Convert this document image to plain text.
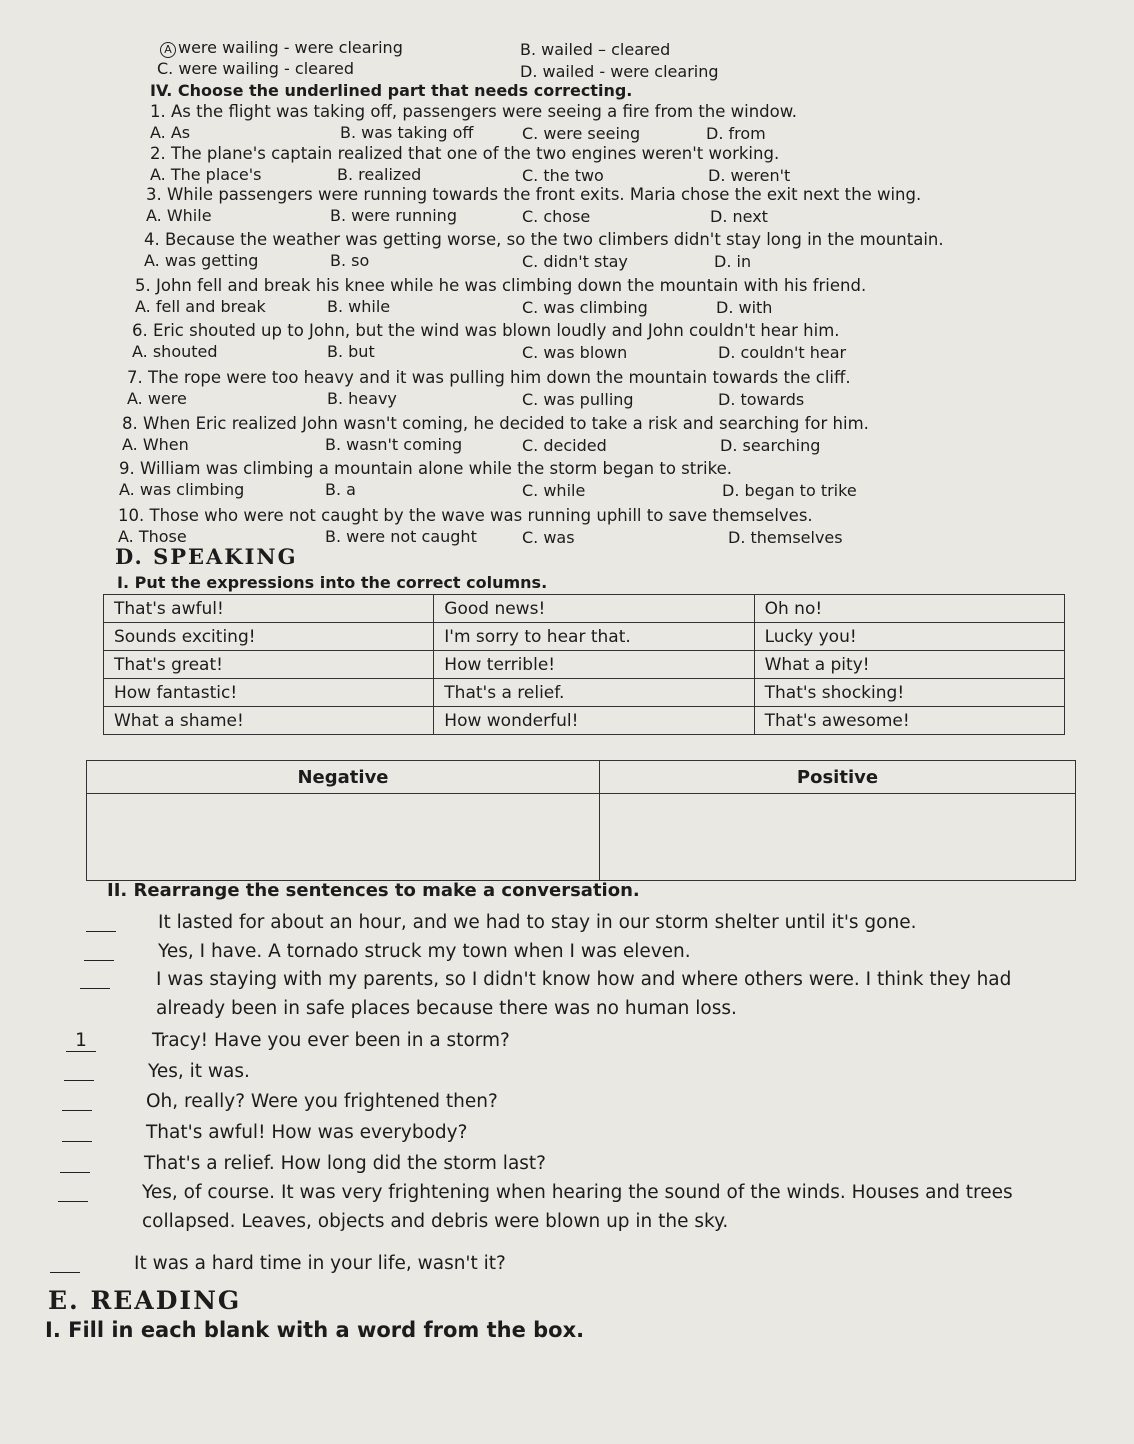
A were wailing - were clearing	B. wailed – cleared
C. were wailing - cleared	D. wailed - were clearing
IV. Choose the underlined part that needs correcting.
1. As the flight was taking off, passengers were seeing a fire from the window.
A. As	B. was taking off	C. were seeing	D. from
2. The plane's captain realized that one of the two engines weren't working.
A. The place's	B. realized	C. the two	D. weren't
3. While passengers were running towards the front exits. Maria chose the exit next the wing.
A. While	B. were running	C. chose	D. next
4. Because the weather was getting worse, so the two climbers didn't stay long in the mountain.
A. was getting	B. so	C. didn't stay	D. in
5. John fell and break his knee while he was climbing down the mountain with his friend.
A. fell and break	B. while	C. was climbing	D. with
6. Eric shouted up to John, but the wind was blown loudly and John couldn't hear him.
A. shouted	B. but	C. was blown	D. couldn't hear
7. The rope were too heavy and it was pulling him down the mountain towards the cliff.
A. were	B. heavy	C. was pulling	D. towards
8. When Eric realized John wasn't coming, he decided to take a risk and searching for him.
A. When	B. wasn't coming	C. decided	D. searching
9. William was climbing a mountain alone while the storm began to strike.
A. was climbing	B. a	C. while	D. began to trike
10. Those who were not caught by the wave was running uphill to save themselves.
A. Those	B. were not caught	C. was	D. themselves
D. SPEAKING
I. Put the expressions into the correct columns.
That's awful!	Good news!	Oh no!
Sounds exciting!	I'm sorry to hear that.	Lucky you!
That's great!	How terrible!	What a pity!
How fantastic!	That's a relief.	That's shocking!
What a shame!	How wonderful!	That's awesome!
Negative	Positive

II. Rearrange the sentences to make a conversation.
It lasted for about an hour, and we had to stay in our storm shelter until it's gone.
Yes, I have. A tornado struck my town when I was eleven.
I was staying with my parents, so I didn't know how and where others were. I think they had
already been in safe places because there was no human loss.
1	Tracy! Have you ever been in a storm?
Yes, it was.
Oh, really? Were you frightened then?
That's awful! How was everybody?
That's a relief. How long did the storm last?
Yes, of course. It was very frightening when hearing the sound of the winds. Houses and trees
collapsed. Leaves, objects and debris were blown up in the sky.
It was a hard time in your life, wasn't it?
E. READING
I. Fill in each blank with a word from the box.
